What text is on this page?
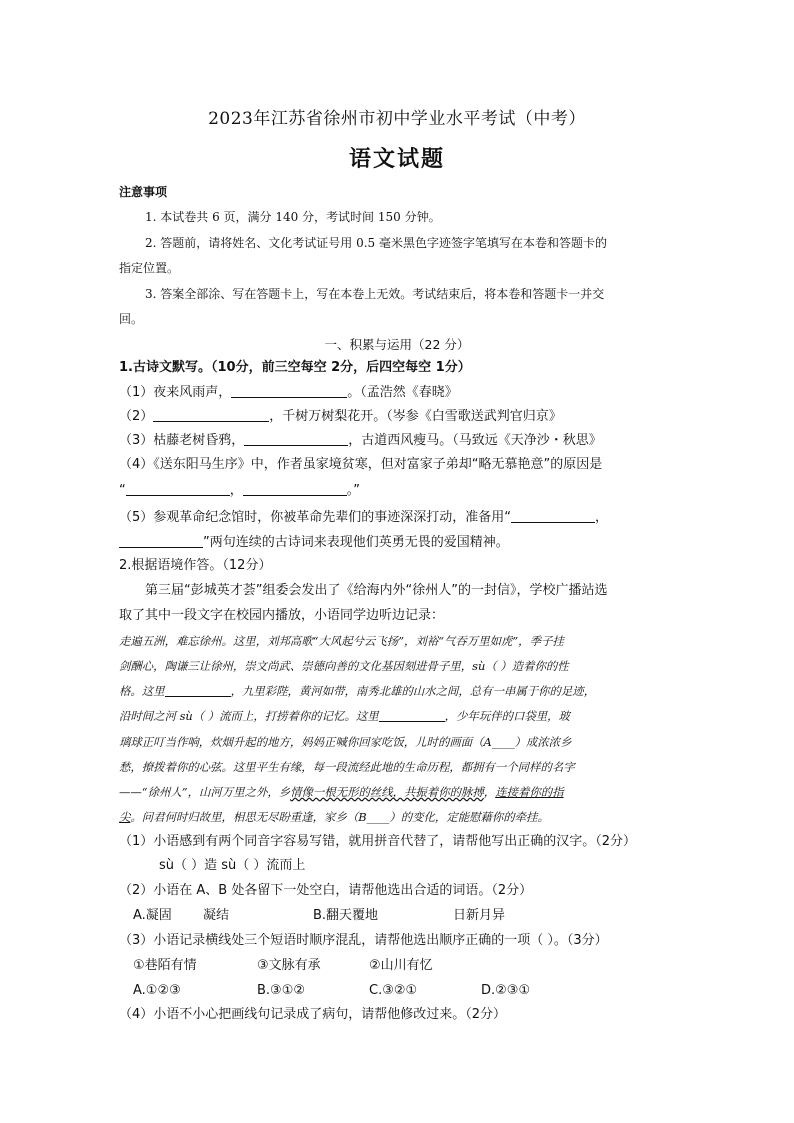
2023年江苏省徐州市初中学业水平考试（中考）
语文试题
注意事项
1. 本试卷共 6 页，满分 140 分，考试时间 150 分钟。
2. 答题前，请将姓名、文化考试证号用 0.5 毫米黑色字迹签字笔填写在本卷和答题卡的
指定位置。
3. 答案全部涂、写在答题卡上，写在本卷上无效。考试结束后，将本卷和答题卡一并交
回。
一、积累与运用（22 分）
1.古诗文默写。（10分，前三空每空 2分，后四空每空 1分）
（1）夜来风雨声，	。（孟浩然《春晓》
（2）	，千树万树梨花开。（岑参《白雪歌送武判官归京》
（3）枯藤老树昏鸦，	，古道西风瘦马。（马致远《天净沙・秋思》
（4）《送东阳马生序》中，作者虽家境贫寒，但对富家子弟却“略无慕艳意”的原因是
“	，	。”
（5）参观革命纪念馆时，你被革命先辈们的事迹深深打动，准备用“	，
”两句连续的古诗词来表现他们英勇无畏的爱国精神。
2.根据语境作答。（12分）
第三届“彭城英才荟”组委会发出了《给海内外“徐州人”的一封信》，学校广播站选
取了其中一段文字在校园内播放，小语同学边听边记录：
走遍五洲，难忘徐州。这里，刘邦高歌“大风起兮云飞扬”，刘裕“气吞万里如虎”，季子挂
剑酬心，陶谦三让徐州，崇文尚武、崇德向善的文化基因刻进骨子里，sù（ ）造着你的性
格。这里	，九里彩陛，黄河如带，南秀北雄的山水之间，总有一串属于你的足迹，
沿时间之河 sù（ ）流而上，打捞着你的记忆。这里	，少年玩伴的口袋里，玻
璃球正叮当作响，炊烟升起的地方，妈妈正喊你回家吃饭，儿时的画面（A____）成浓浓乡
愁，撩拨着你的心弦。这里平生有缘，每一段流经此地的生命历程，都拥有一个同样的名字
——“徐州人”，山河万里之外，乡情像一根无形的丝线，共振着你的脉搏，连接着你的指
尖。问君何时归故里，相思无尽盼重逢，家乡（B____）的变化，定能慰藉你的牵挂。
（1）小语感到有两个同音字容易写错，就用拼音代替了，请帮他写出正确的汉字。（2分）
sù（ ）造 sù（ ）流而上
（2）小语在 A、B 处各留下一处空白，请帮他选出合适的词语。（2分）
A.凝固 凝结	B.翻天覆地	日新月异
（3）小语记录横线处三个短语时顺序混乱，请帮他选出顺序正确的一项（ ）。（3分）
①巷陌有情	③文脉有承	②山川有忆
A.①②③	B.③①②	C.③②①	D.②③①
（4）小语不小心把画线句记录成了病句，请帮他修改过来。（2分）
